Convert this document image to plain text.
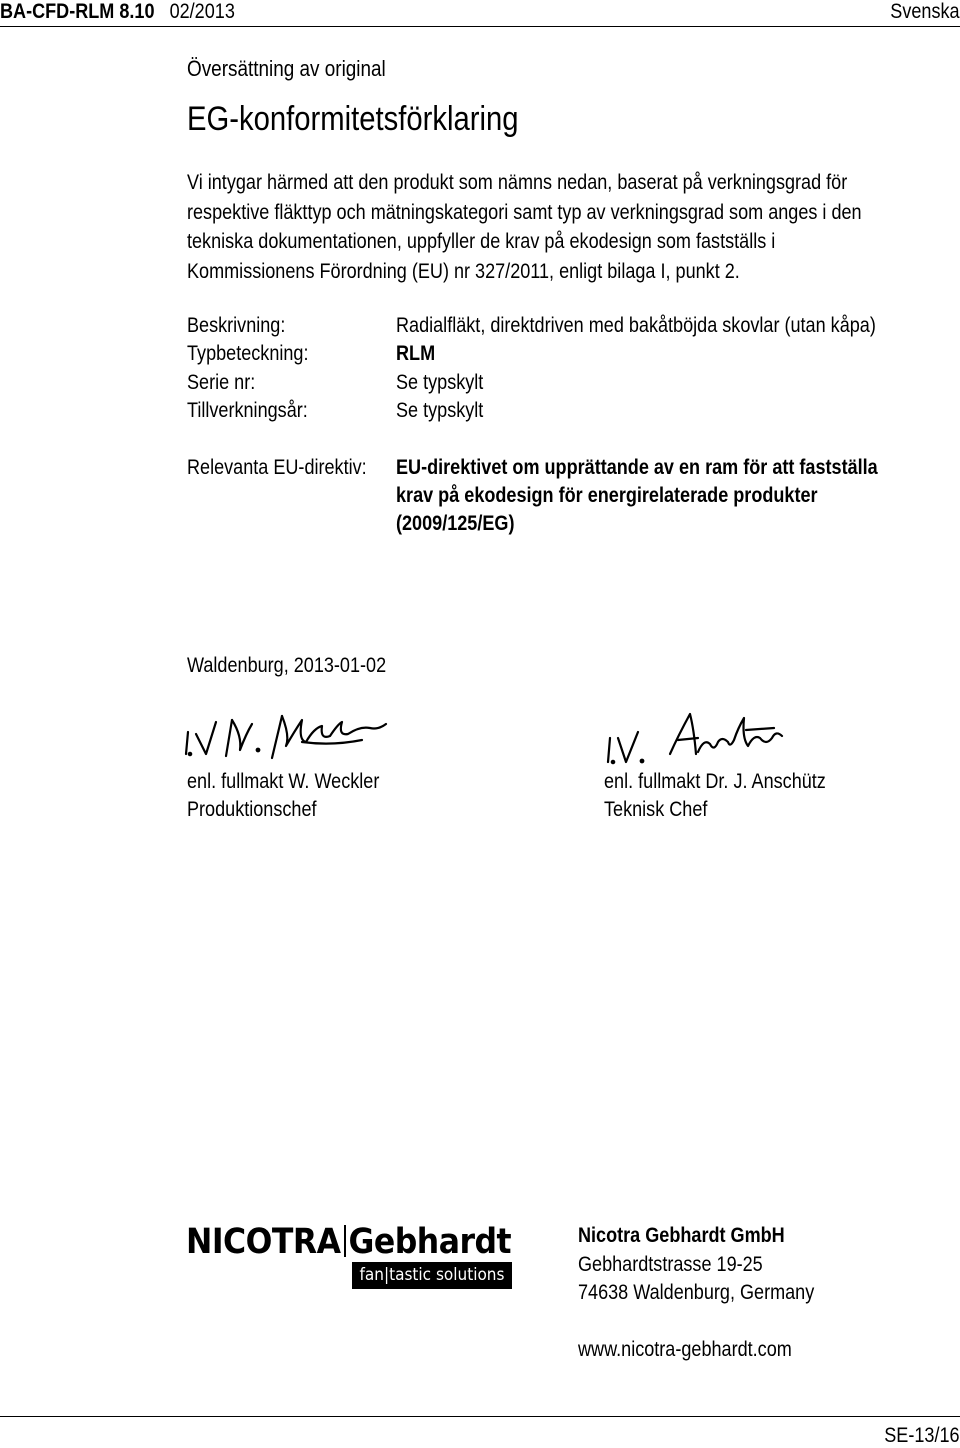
BA-CFD-RLM 8.10 02/2013	Svenska
Översättning av original
EG-konformitetsförklaring
Vi intygar härmed att den produkt som nämns nedan, baserat på verkningsgrad för
respektive fläkttyp och mätningskategori samt typ av verkningsgrad som anges i den
tekniska dokumentationen, uppfyller de krav på ekodesign som fastställs i
Kommissionens Förordning (EU) nr 327/2011, enligt bilaga I, punkt 2.
Beskrivning:	Radialfläkt, direktdriven med bakåtböjda skovlar (utan kåpa)
Typbeteckning:	RLM
Serie nr:	Se typskylt
Tillverkningsår:	Se typskylt
Relevanta EU-direktiv: EU-direktivet om upprättande av en ram för att fastställa
krav på ekodesign för energirelaterade produkter
(2009/125/EG)
Waldenburg, 2013-01-02
enl. fullmakt W. Weckler
Produktionschef
enl. fullmakt Dr. J. Anschütz
Teknisk Chef
NICOTRA Gebhardt
fan|tastic solutions
Nicotra Gebhardt GmbH
Gebhardtstrasse 19-25
74638 Waldenburg, Germany
www.nicotra-gebhardt.com
SE-13/16
